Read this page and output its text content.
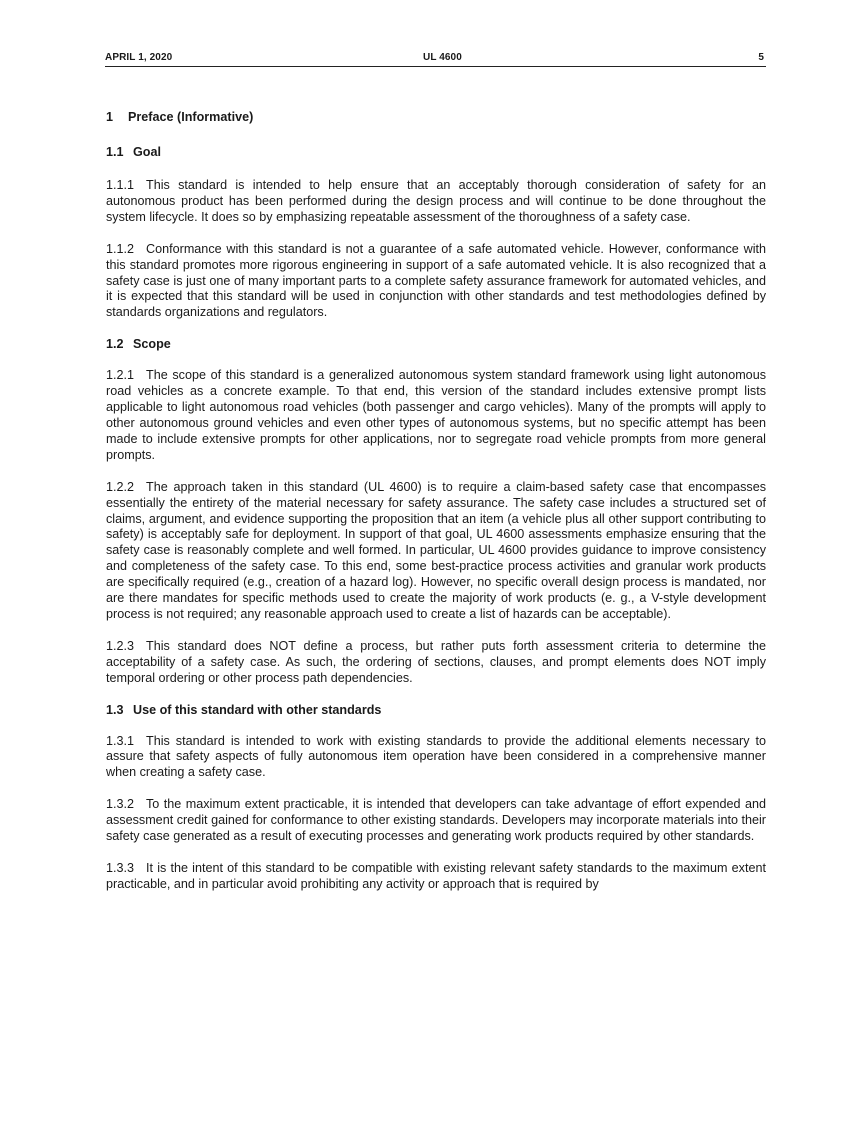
APRIL 1, 2020	UL 4600	5
1 Preface (Informative)
1.1 Goal

1.1.1 This standard is intended to help ensure that an acceptably thorough consideration of safety for an autonomous product has been performed during the design process and will continue to be done throughout the system lifecycle. It does so by emphasizing repeatable assessment of the thoroughness of a safety case.

1.1.2 Conformance with this standard is not a guarantee of a safe automated vehicle. However, conformance with this standard promotes more rigorous engineering in support of a safe automated vehicle. It is also recognized that a safety case is just one of many important parts to a complete safety assurance framework for automated vehicles, and it is expected that this standard will be used in conjunction with other standards and test methodologies defined by standards organizations and regulators.

1.2 Scope

1.2.1 The scope of this standard is a generalized autonomous system standard framework using light autonomous road vehicles as a concrete example. To that end, this version of the standard includes extensive prompt lists applicable to light autonomous road vehicles (both passenger and cargo vehicles). Many of the prompts will apply to other autonomous ground vehicles and even other types of autonomous systems, but no specific attempt has been made to include extensive prompts for other applications, nor to segregate road vehicle prompts from more general prompts.

1.2.2 The approach taken in this standard (UL 4600) is to require a claim-based safety case that encompasses essentially the entirety of the material necessary for safety assurance. The safety case includes a structured set of claims, argument, and evidence supporting the proposition that an item (a vehicle plus all other support contributing to safety) is acceptably safe for deployment. In support of that goal, UL 4600 assessments emphasize ensuring that the safety case is reasonably complete and well formed. In particular, UL 4600 provides guidance to improve consistency and completeness of the safety case. To this end, some best-practice process activities and granular work products are specifically required (e.g., creation of a hazard log). However, no specific overall design process is mandated, nor are there mandates for specific methods used to create the majority of work products (e. g., a V-style development process is not required; any reasonable approach used to create a list of hazards can be acceptable).

1.2.3 This standard does NOT define a process, but rather puts forth assessment criteria to determine the acceptability of a safety case. As such, the ordering of sections, clauses, and prompt elements does NOT imply temporal ordering or other process path dependencies.

1.3 Use of this standard with other standards

1.3.1 This standard is intended to work with existing standards to provide the additional elements necessary to assure that safety aspects of fully autonomous item operation have been considered in a comprehensive manner when creating a safety case.

1.3.2 To the maximum extent practicable, it is intended that developers can take advantage of effort expended and assessment credit gained for conformance to other existing standards. Developers may incorporate materials into their safety case generated as a result of executing processes and generating work products required by other standards.

1.3.3 It is the intent of this standard to be compatible with existing relevant safety standards to the maximum extent practicable, and in particular avoid prohibiting any activity or approach that is required by
